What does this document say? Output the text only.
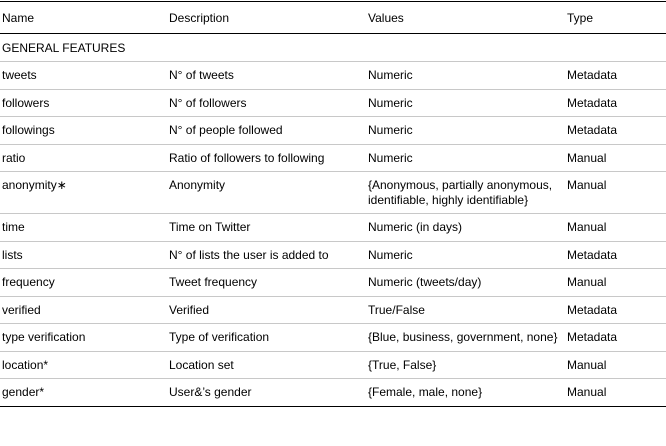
Name	Description	Values	Type
GENERAL FEATURES			
tweets	N° of tweets	Numeric	Metadata
followers	N° of followers	Numeric	Metadata
followings	N° of people followed	Numeric	Metadata
ratio	Ratio of followers to following	Numeric	Manual
anonymity∗	Anonymity	{Anonymous, partially anonymous, identifiable, highly identifiable}	Manual
time	Time on Twitter	Numeric (in days)	Manual
lists	N° of lists the user is added to	Numeric	Metadata
frequency	Tweet frequency	Numeric (tweets/day)	Manual
verified	Verified	True/False	Metadata
type verification	Type of verification	{Blue, business, government, none}	Metadata
location*	Location set	{True, False}	Manual
gender*	User&’s gender	{Female, male, none}	Manual
